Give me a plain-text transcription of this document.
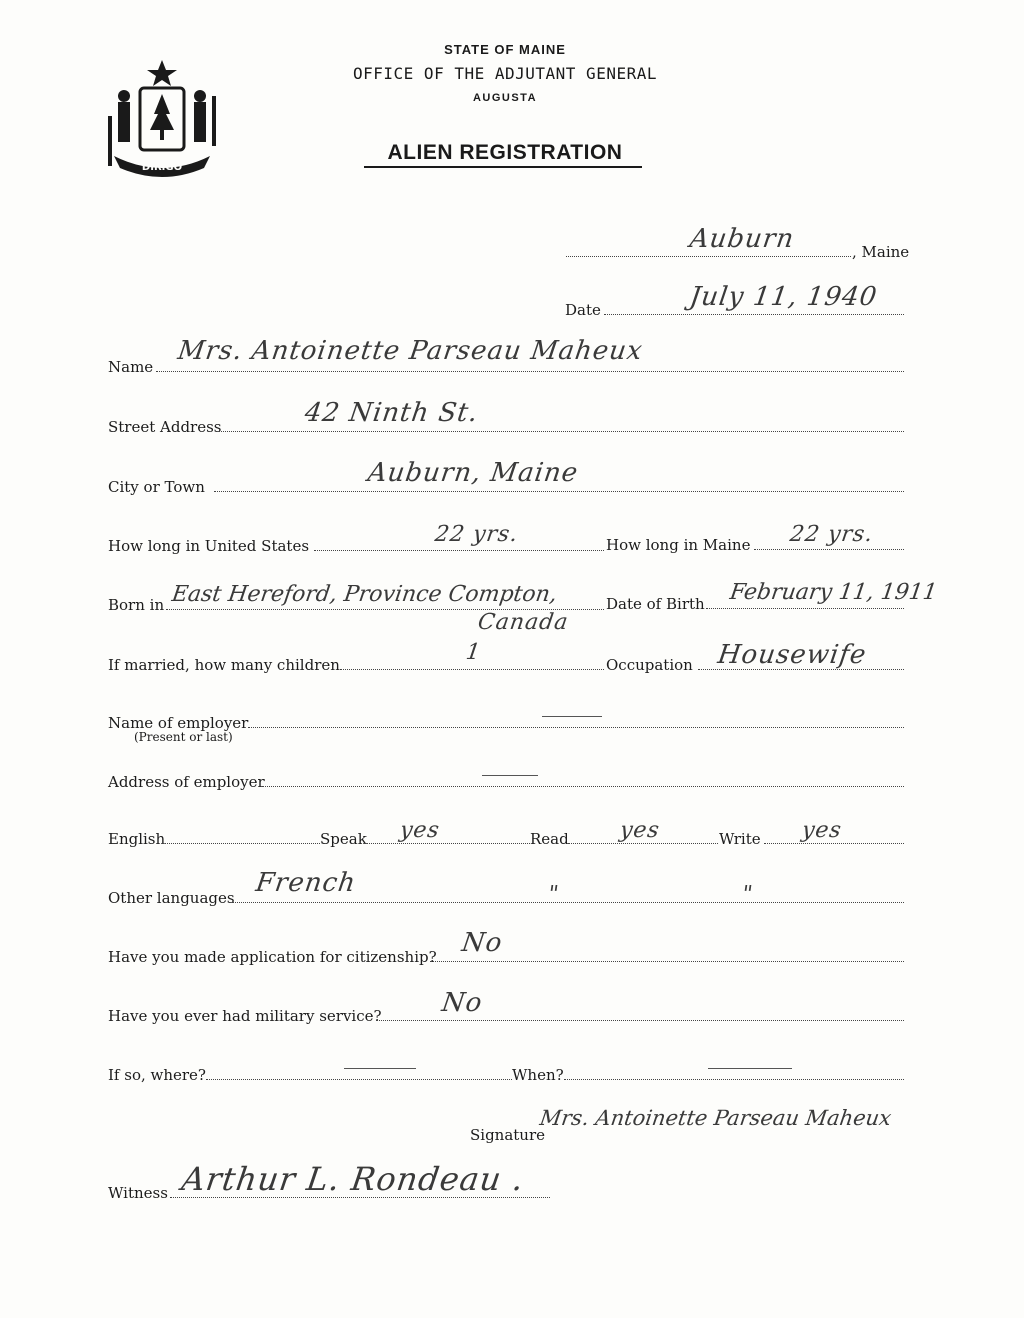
DIRIGO
STATE OF MAINE
OFFICE OF THE ADJUTANT GENERAL
AUGUSTA
ALIEN REGISTRATION
Auburn	, Maine
Date	July 11, 1940
Name
Mrs. Antoinette Parseau Maheux
Street Address	42 Ninth St.
City or Town	Auburn, Maine
How long in United States	22 yrs.	How long in Maine 22 yrs.
Born in East Hereford, Province Compton,
Canada
Date of Birth February 11, 1911
If married, how many children	1	Occupation Housewife
Name of employer
(Present or last)
Address of employer
English	Speak yes	Read yes	Write yes
Other languages French	"	"
Have you made application for citizenship? No
Have you ever had military service? No
If so, where?	When?
Signature
Mrs. Antoinette Parseau Maheux
Witness Arthur L. Rondeau .
